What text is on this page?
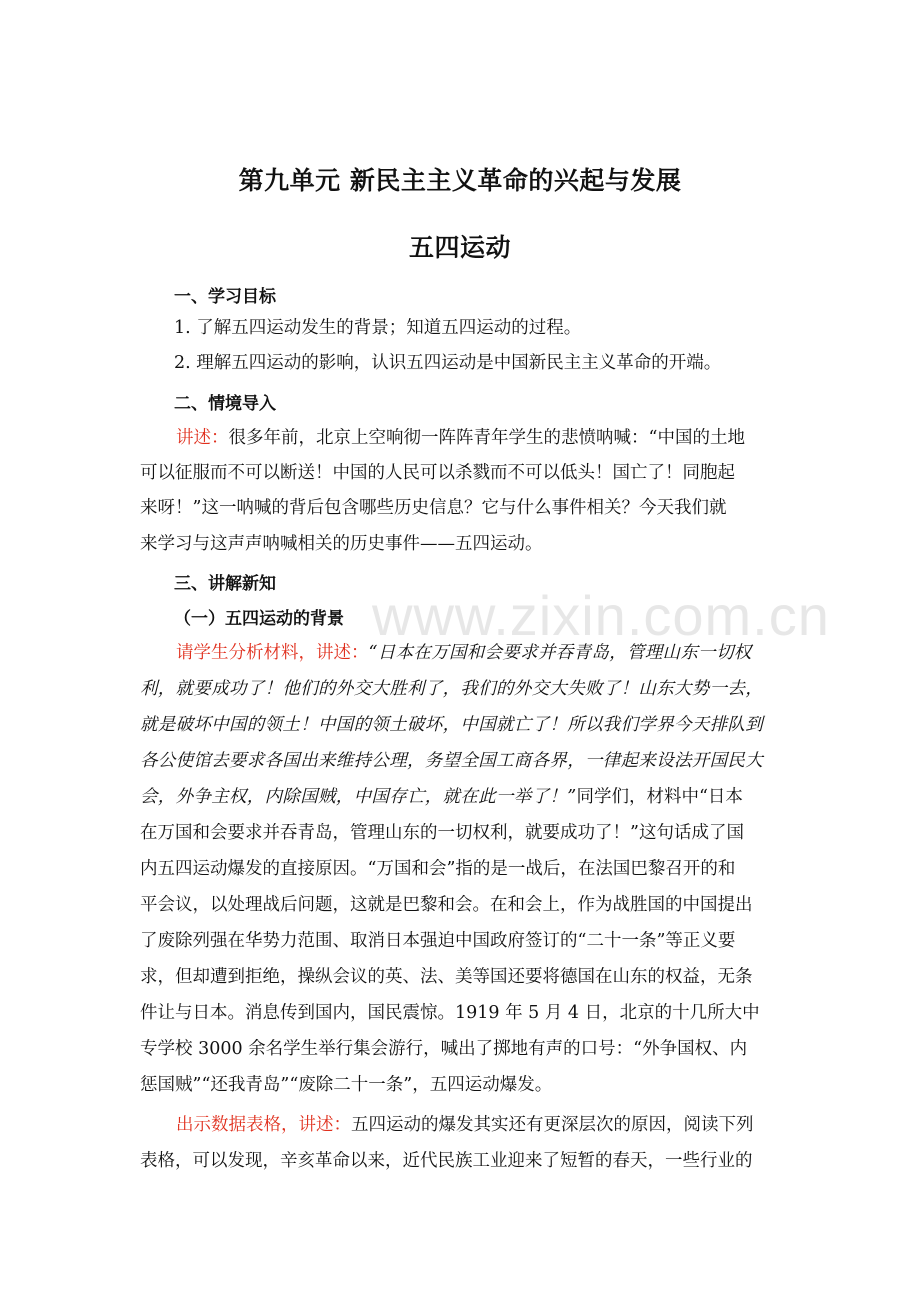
www.zixin.com.cn
第九单元 新民主主义革命的兴起与发展
五四运动
一、学习目标

1. 了解五四运动发生的背景；知道五四运动的过程。

2. 理解五四运动的影响，认识五四运动是中国新民主主义革命的开端。

二、情境导入

讲述：很多年前，北京上空响彻一阵阵青年学生的悲愤呐喊：“中国的土地

可以征服而不可以断送！中国的人民可以杀戮而不可以低头！国亡了！同胞起

来呀！”这一呐喊的背后包含哪些历史信息？它与什么事件相关？今天我们就

来学习与这声声呐喊相关的历史事件——五四运动。

三、讲解新知
（一）五四运动的背景

请学生分析材料，讲述：“日本在万国和会要求并吞青岛，管理山东一切权

利，就要成功了！他们的外交大胜利了，我们的外交大失败了！山东大势一去，

就是破坏中国的领土！中国的领土破坏，中国就亡了！所以我们学界今天排队到

各公使馆去要求各国出来维持公理，务望全国工商各界，一律起来设法开国民大

会，外争主权，内除国贼，中国存亡，就在此一举了！”同学们，材料中“日本

在万国和会要求并吞青岛，管理山东的一切权利，就要成功了！”这句话成了国

内五四运动爆发的直接原因。“万国和会”指的是一战后，在法国巴黎召开的和

平会议，以处理战后问题，这就是巴黎和会。在和会上，作为战胜国的中国提出

了废除列强在华势力范围、取消日本强迫中国政府签订的“二十一条”等正义要

求，但却遭到拒绝，操纵会议的英、法、美等国还要将德国在山东的权益，无条

件让与日本。消息传到国内，国民震惊。1919 年 5 月 4 日，北京的十几所大中

专学校 3000 余名学生举行集会游行，喊出了掷地有声的口号：“外争国权、内

惩国贼”“还我青岛”“废除二十一条”，五四运动爆发。

出示数据表格，讲述：五四运动的爆发其实还有更深层次的原因，阅读下列

表格，可以发现，辛亥革命以来，近代民族工业迎来了短暂的春天，一些行业的
